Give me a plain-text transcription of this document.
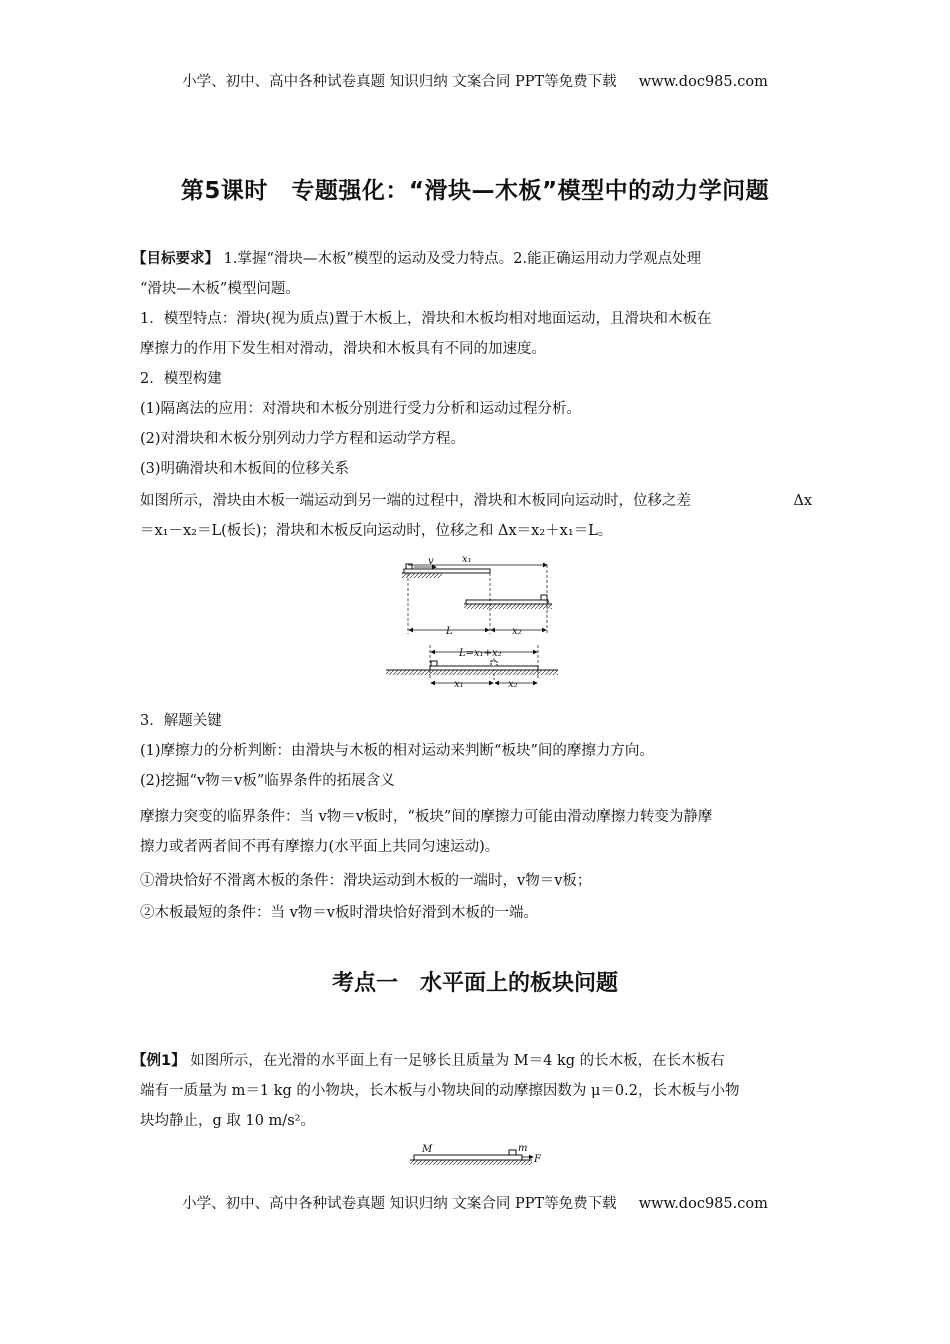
小学、初中、高中各种试卷真题 知识归纳 文案合同 PPT等免费下载 www.doc985.com
第5课时　专题强化：“滑块—木板”模型中的动力学问题

【目标要求】 1.掌握“滑块—木板”模型的运动及受力特点。2.能正确运用动力学观点处理

“滑块—木板”模型问题。

1．模型特点：滑块(视为质点)置于木板上，滑块和木板均相对地面运动，且滑块和木板在

摩擦力的作用下发生相对滑动，滑块和木板具有不同的加速度。

2．模型构建

(1)隔离法的应用：对滑块和木板分别进行受力分析和运动过程分析。

(2)对滑块和木板分别列动力学方程和运动学方程。

(3)明确滑块和木板间的位移关系

如图所示，滑块由木板一端运动到另一端的过程中，滑块和木板同向运动时，位移之差	Δx

＝x₁－x₂＝L(板长)；滑块和木板反向运动时，位移之和 Δx＝x₂＋x₁＝L。

v	x₁
L	x₂
L=x₁+x₂
x₁	x₂

3．解题关键

(1)摩擦力的分析判断：由滑块与木板的相对运动来判断“板块”间的摩擦力方向。

(2)挖掘“v物＝v板”临界条件的拓展含义

摩擦力突变的临界条件：当 v物＝v板时，“板块”间的摩擦力可能由滑动摩擦力转变为静摩

擦力或者两者间不再有摩擦力(水平面上共同匀速运动)。

①滑块恰好不滑离木板的条件：滑块运动到木板的一端时，v物＝v板；

②木板最短的条件：当 v物＝v板时滑块恰好滑到木板的一端。

考点一　水平面上的板块问题

【例1】 如图所示，在光滑的水平面上有一足够长且质量为 M＝4 kg 的长木板，在长木板右

端有一质量为 m＝1 kg 的小物块，长木板与小物块间的动摩擦因数为 μ＝0.2，长木板与小物

块均静止，g 取 10 m/s²。

M	m
F
小学、初中、高中各种试卷真题 知识归纳 文案合同 PPT等免费下载 www.doc985.com
